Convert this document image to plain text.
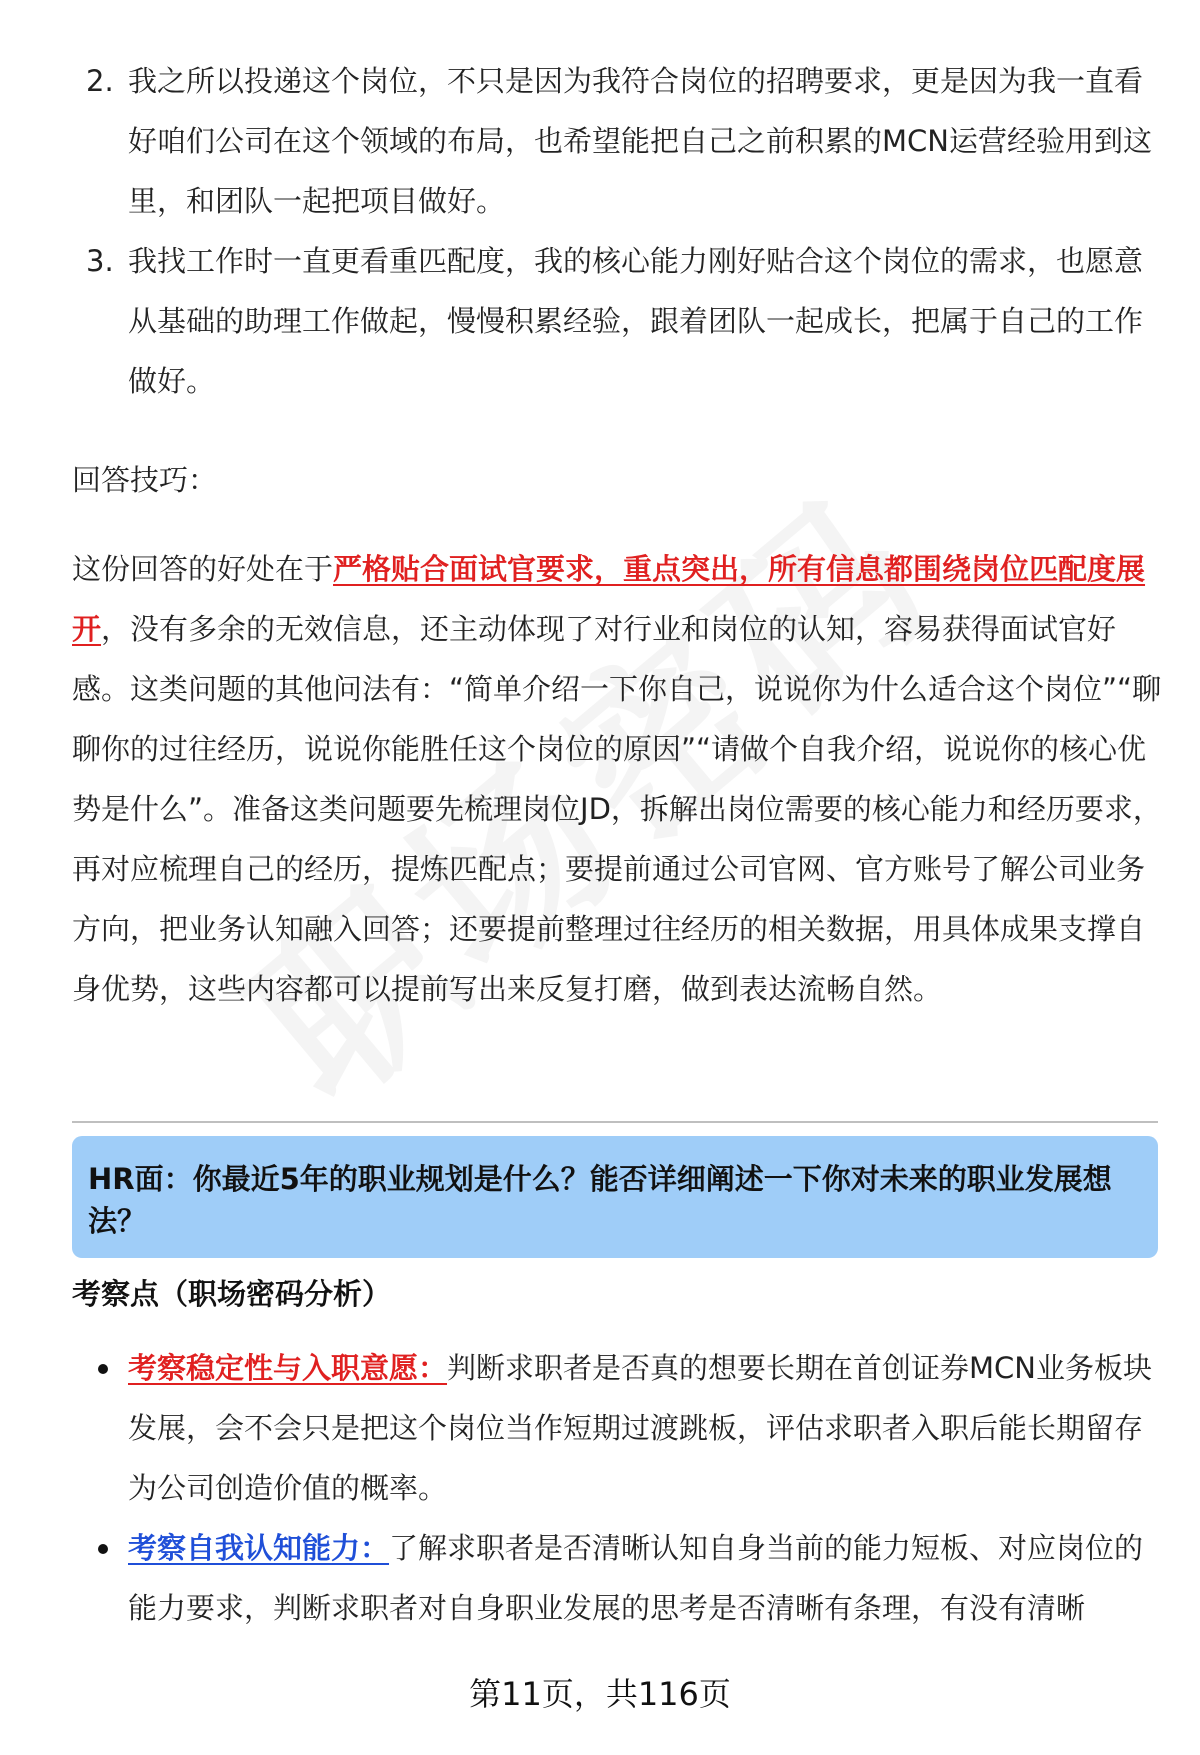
2. 我之所以投递这个岗位，不只是因为我符合岗位的招聘要求，更是因为我一直看好咱们公司在这个领域的布局，也希望能把自己之前积累的MCN运营经验用到这里，和团队一起把项目做好。
3. 我找工作时一直更看重匹配度，我的核心能力刚好贴合这个岗位的需求，也愿意从基础的助理工作做起，慢慢积累经验，跟着团队一起成长，把属于自己的工作做好。

回答技巧：

这份回答的好处在于严格贴合面试官要求，重点突出，所有信息都围绕岗位匹配度展开，没有多余的无效信息，还主动体现了对行业和岗位的认知，容易获得面试官好感。这类问题的其他问法有：“简单介绍一下你自己，说说你为什么适合这个岗位”“聊聊你的过往经历，说说你能胜任这个岗位的原因”“请做个自我介绍，说说你的核心优势是什么”。准备这类问题要先梳理岗位JD，拆解出岗位需要的核心能力和经历要求，再对应梳理自己的经历，提炼匹配点；要提前通过公司官网、官方账号了解公司业务方向，把业务认知融入回答；还要提前整理过往经历的相关数据，用具体成果支撑自身优势，这些内容都可以提前写出来反复打磨，做到表达流畅自然。

HR面：你最近5年的职业规划是什么？能否详细阐述一下你对未来的职业发展想法？
考察点（职场密码分析）
考察稳定性与入职意愿：判断求职者是否真的想要长期在首创证券MCN业务板块发展，会不会只是把这个岗位当作短期过渡跳板，评估求职者入职后能长期留存为公司创造价值的概率。
考察自我认知能力：了解求职者是否清晰认知自身当前的能力短板、对应岗位的能力要求，判断求职者对自身职业发展的思考是否清晰有条理，有没有清晰
第11页，共116页
